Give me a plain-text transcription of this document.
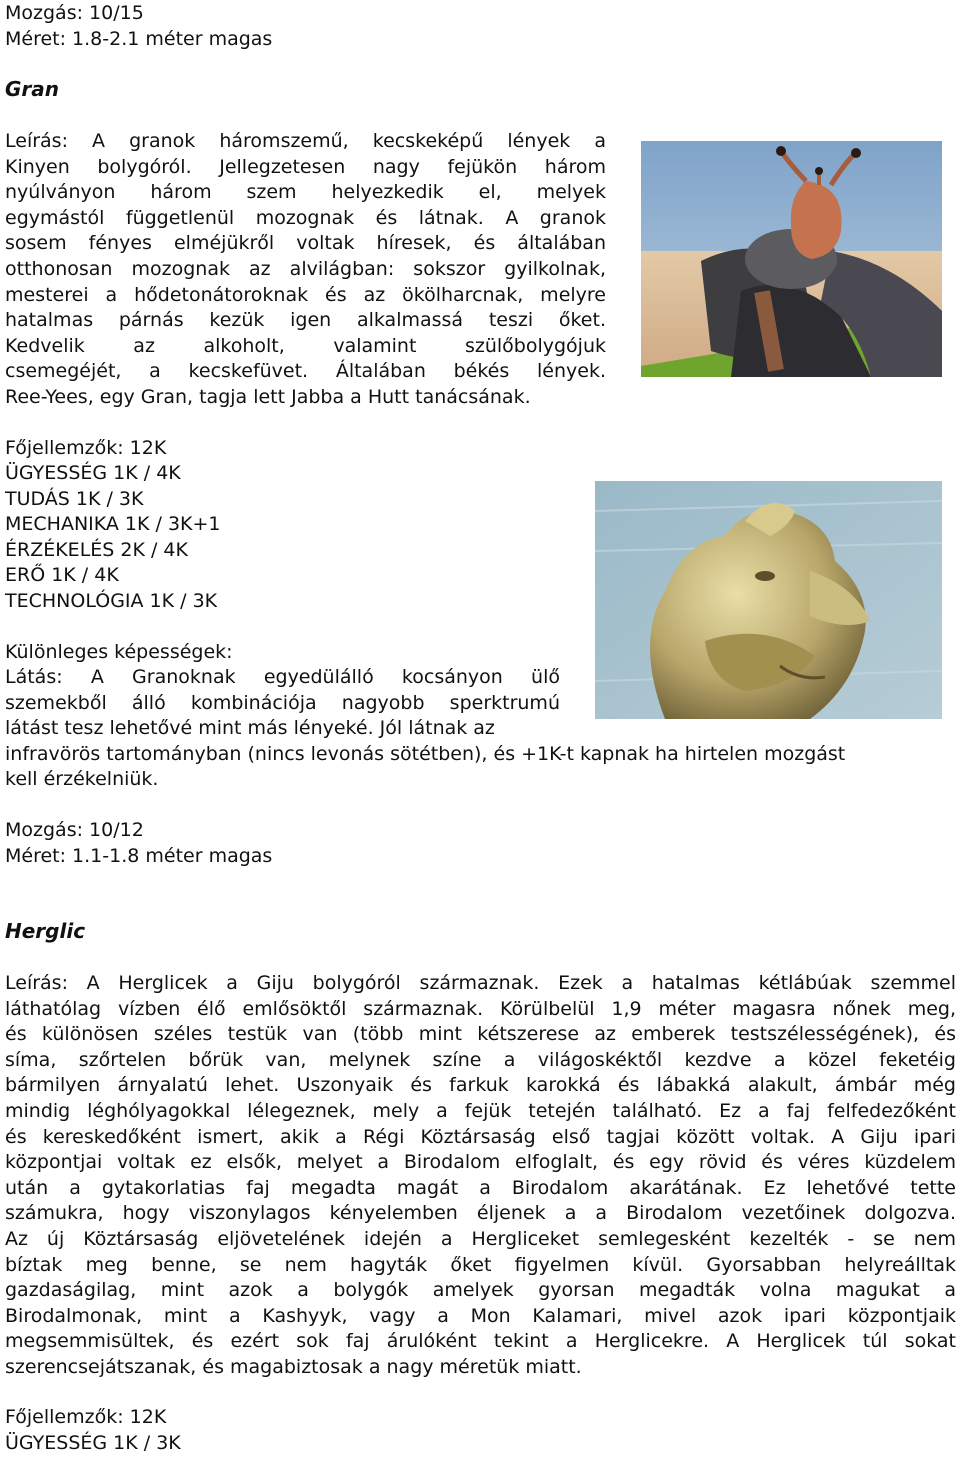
Mozgás: 10/15
Méret: 1.8-2.1 méter magas
Gran
Leírás: A granok háromszemű, kecskeképű lények a
Kinyen bolygóról. Jellegzetesen nagy fejükön három
nyúlványon három szem helyezkedik el, melyek
egymástól függetlenül mozognak és látnak. A granok
sosem fényes elméjükről voltak híresek, és általában
otthonosan mozognak az alvilágban: sokszor gyilkolnak,
mesterei a hődetonátoroknak és az ökölharcnak, melyre
hatalmas párnás kezük igen alkalmassá teszi őket.
Kedvelik az alkoholt, valamint szülőbolygójuk
csemegéjét, a kecskefüvet. Általában békés lények.
Ree-Yees, egy Gran, tagja lett Jabba a Hutt tanácsának.
Főjellemzők: 12K
ÜGYESSÉG 1K / 4K
TUDÁS 1K / 3K
MECHANIKA 1K / 3K+1
ÉRZÉKELÉS 2K / 4K
ERŐ 1K / 4K
TECHNOLÓGIA 1K / 3K
Különleges képességek:
Látás: A Granoknak egyedülálló kocsányon ülő
szemekből álló kombinációja nagyobb sperktrumú
látást tesz lehetővé mint más lényeké. Jól látnak az
infravörös tartományban (nincs levonás sötétben), és +1K-t kapnak ha hirtelen mozgást
kell érzékelniük.
Mozgás: 10/12
Méret: 1.1-1.8 méter magas
Herglic
Leírás: A Herglicek a Giju bolygóról származnak. Ezek a hatalmas kétlábúak szemmel
láthatólag vízben élő emlősöktől származnak. Körülbelül 1,9 méter magasra nőnek meg,
és különösen széles testük van (több mint kétszerese az emberek testszélességének), és
síma, szőrtelen bőrük van, melynek színe a világoskéktől kezdve a közel feketéig
bármilyen árnyalatú lehet. Uszonyaik és farkuk karokká és lábakká alakult, ámbár még
mindig léghólyagokkal lélegeznek, mely a fejük tetején található. Ez a faj felfedezőként
és kereskedőként ismert, akik a Régi Köztársaság első tagjai között voltak. A Giju ipari
központjai voltak ez elsők, melyet a Birodalom elfoglalt, és egy rövid és véres küzdelem
után a gytakorlatias faj megadta magát a Birodalom akarátának. Ez lehetővé tette
számukra, hogy viszonylagos kényelemben éljenek a a Birodalom vezetőinek dolgozva.
Az új Köztársaság eljövetelének idején a Hergliceket semlegesként kezelték - se nem
bíztak meg benne, se nem hagyták őket figyelmen kívül. Gyorsabban helyreálltak
gazdaságilag, mint azok a bolygók amelyek gyorsan megadták volna magukat a
Birodalmonak, mint a Kashyyk, vagy a Mon Kalamari, mivel azok ipari központjaik
megsemmisültek, és ezért sok faj árulóként tekint a Herglicekre. A Herglicek túl sokat
szerencsejátszanak, és magabiztosak a nagy méretük miatt.
Főjellemzők: 12K
ÜGYESSÉG 1K / 3K
